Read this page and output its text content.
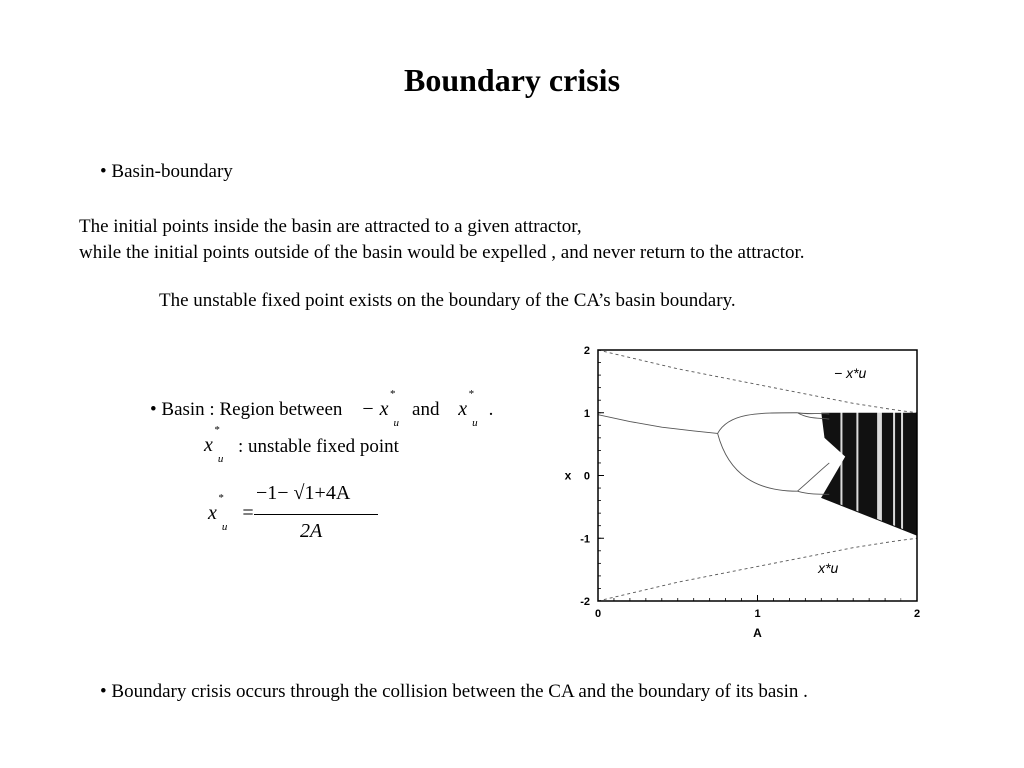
Boundary crisis
• Basin-boundary
The initial points inside the basin are attracted to a given attractor,
while the initial points outside of the basin would be expelled , and never return to the attractor.
The unstable fixed point exists on the boundary of the CA’s basin boundary.
• Basin : Region between − x
*
$_u$ and x
*
$_u$ .
x
*
$_u$
: unstable fixed point
x
*
$_u$ =
−1− √1+4A
2A
0	1	2
2
1
0
-1
-2
A
x
− x*u
x*u
• Boundary crisis occurs through the collision between the CA and the boundary of its basin .
